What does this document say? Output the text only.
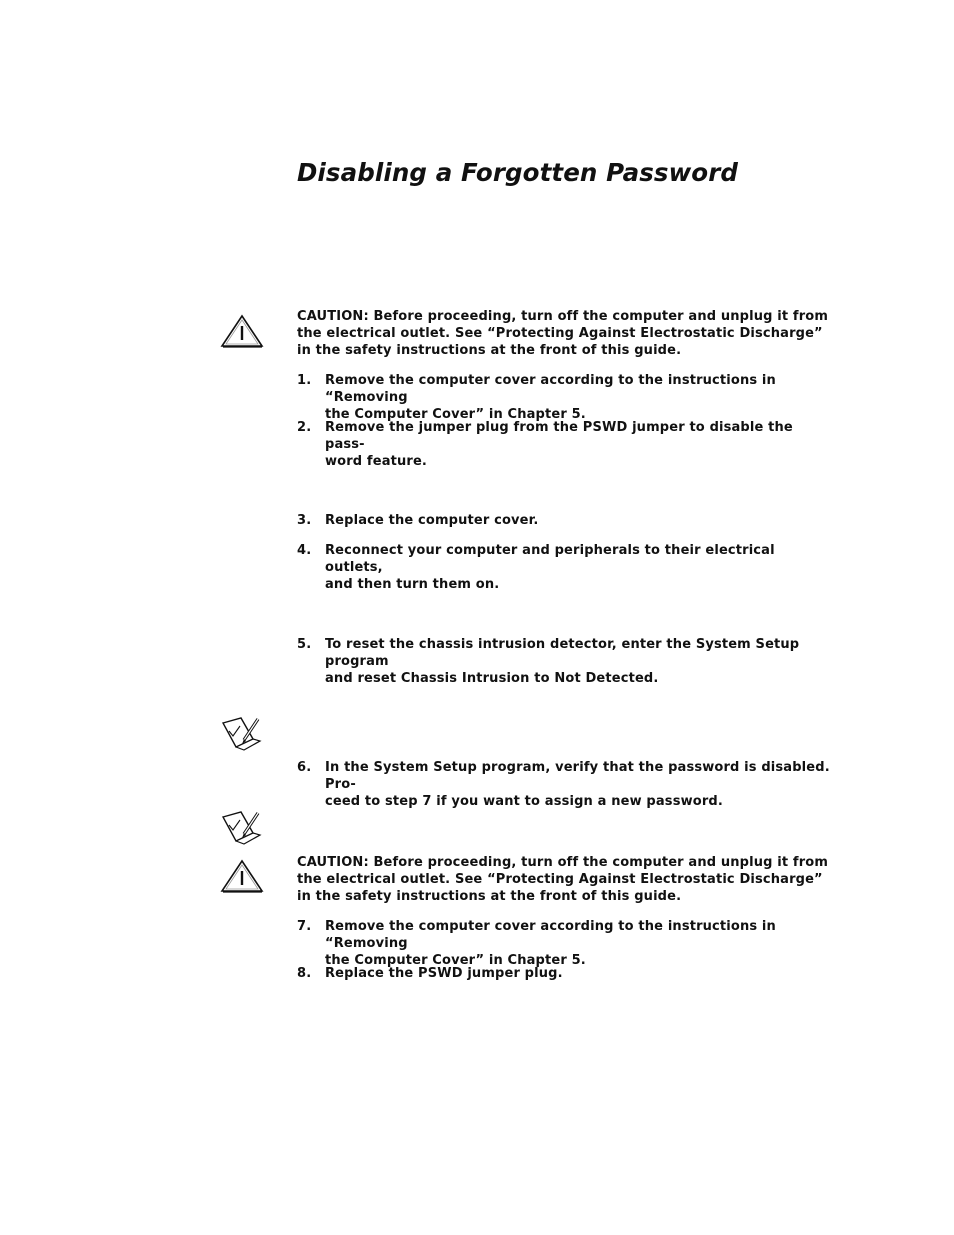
Disabling a Forgotten Password
CAUTION: Before proceeding, turn off the computer and unplug it from the electrical outlet. See “Protecting Against Electrostatic Discharge” in the safety instructions at the front of this guide.
1. Remove the computer cover according to the instructions in “Removing
the Computer Cover” in Chapter 5.
2. Remove the jumper plug from the PSWD jumper to disable the pass-
word feature.
3. Replace the computer cover.
4. Reconnect your computer and peripherals to their electrical outlets,
and then turn them on.
5. To reset the chassis intrusion detector, enter the System Setup program
and reset Chassis Intrusion to Not Detected.
6. In the System Setup program, verify that the password is disabled. Pro-
ceed to step 7 if you want to assign a new password.
CAUTION: Before proceeding, turn off the computer and unplug it from the electrical outlet. See “Protecting Against Electrostatic Discharge” in the safety instructions at the front of this guide.
7. Remove the computer cover according to the instructions in “Removing
the Computer Cover” in Chapter 5.
8. Replace the PSWD jumper plug.
